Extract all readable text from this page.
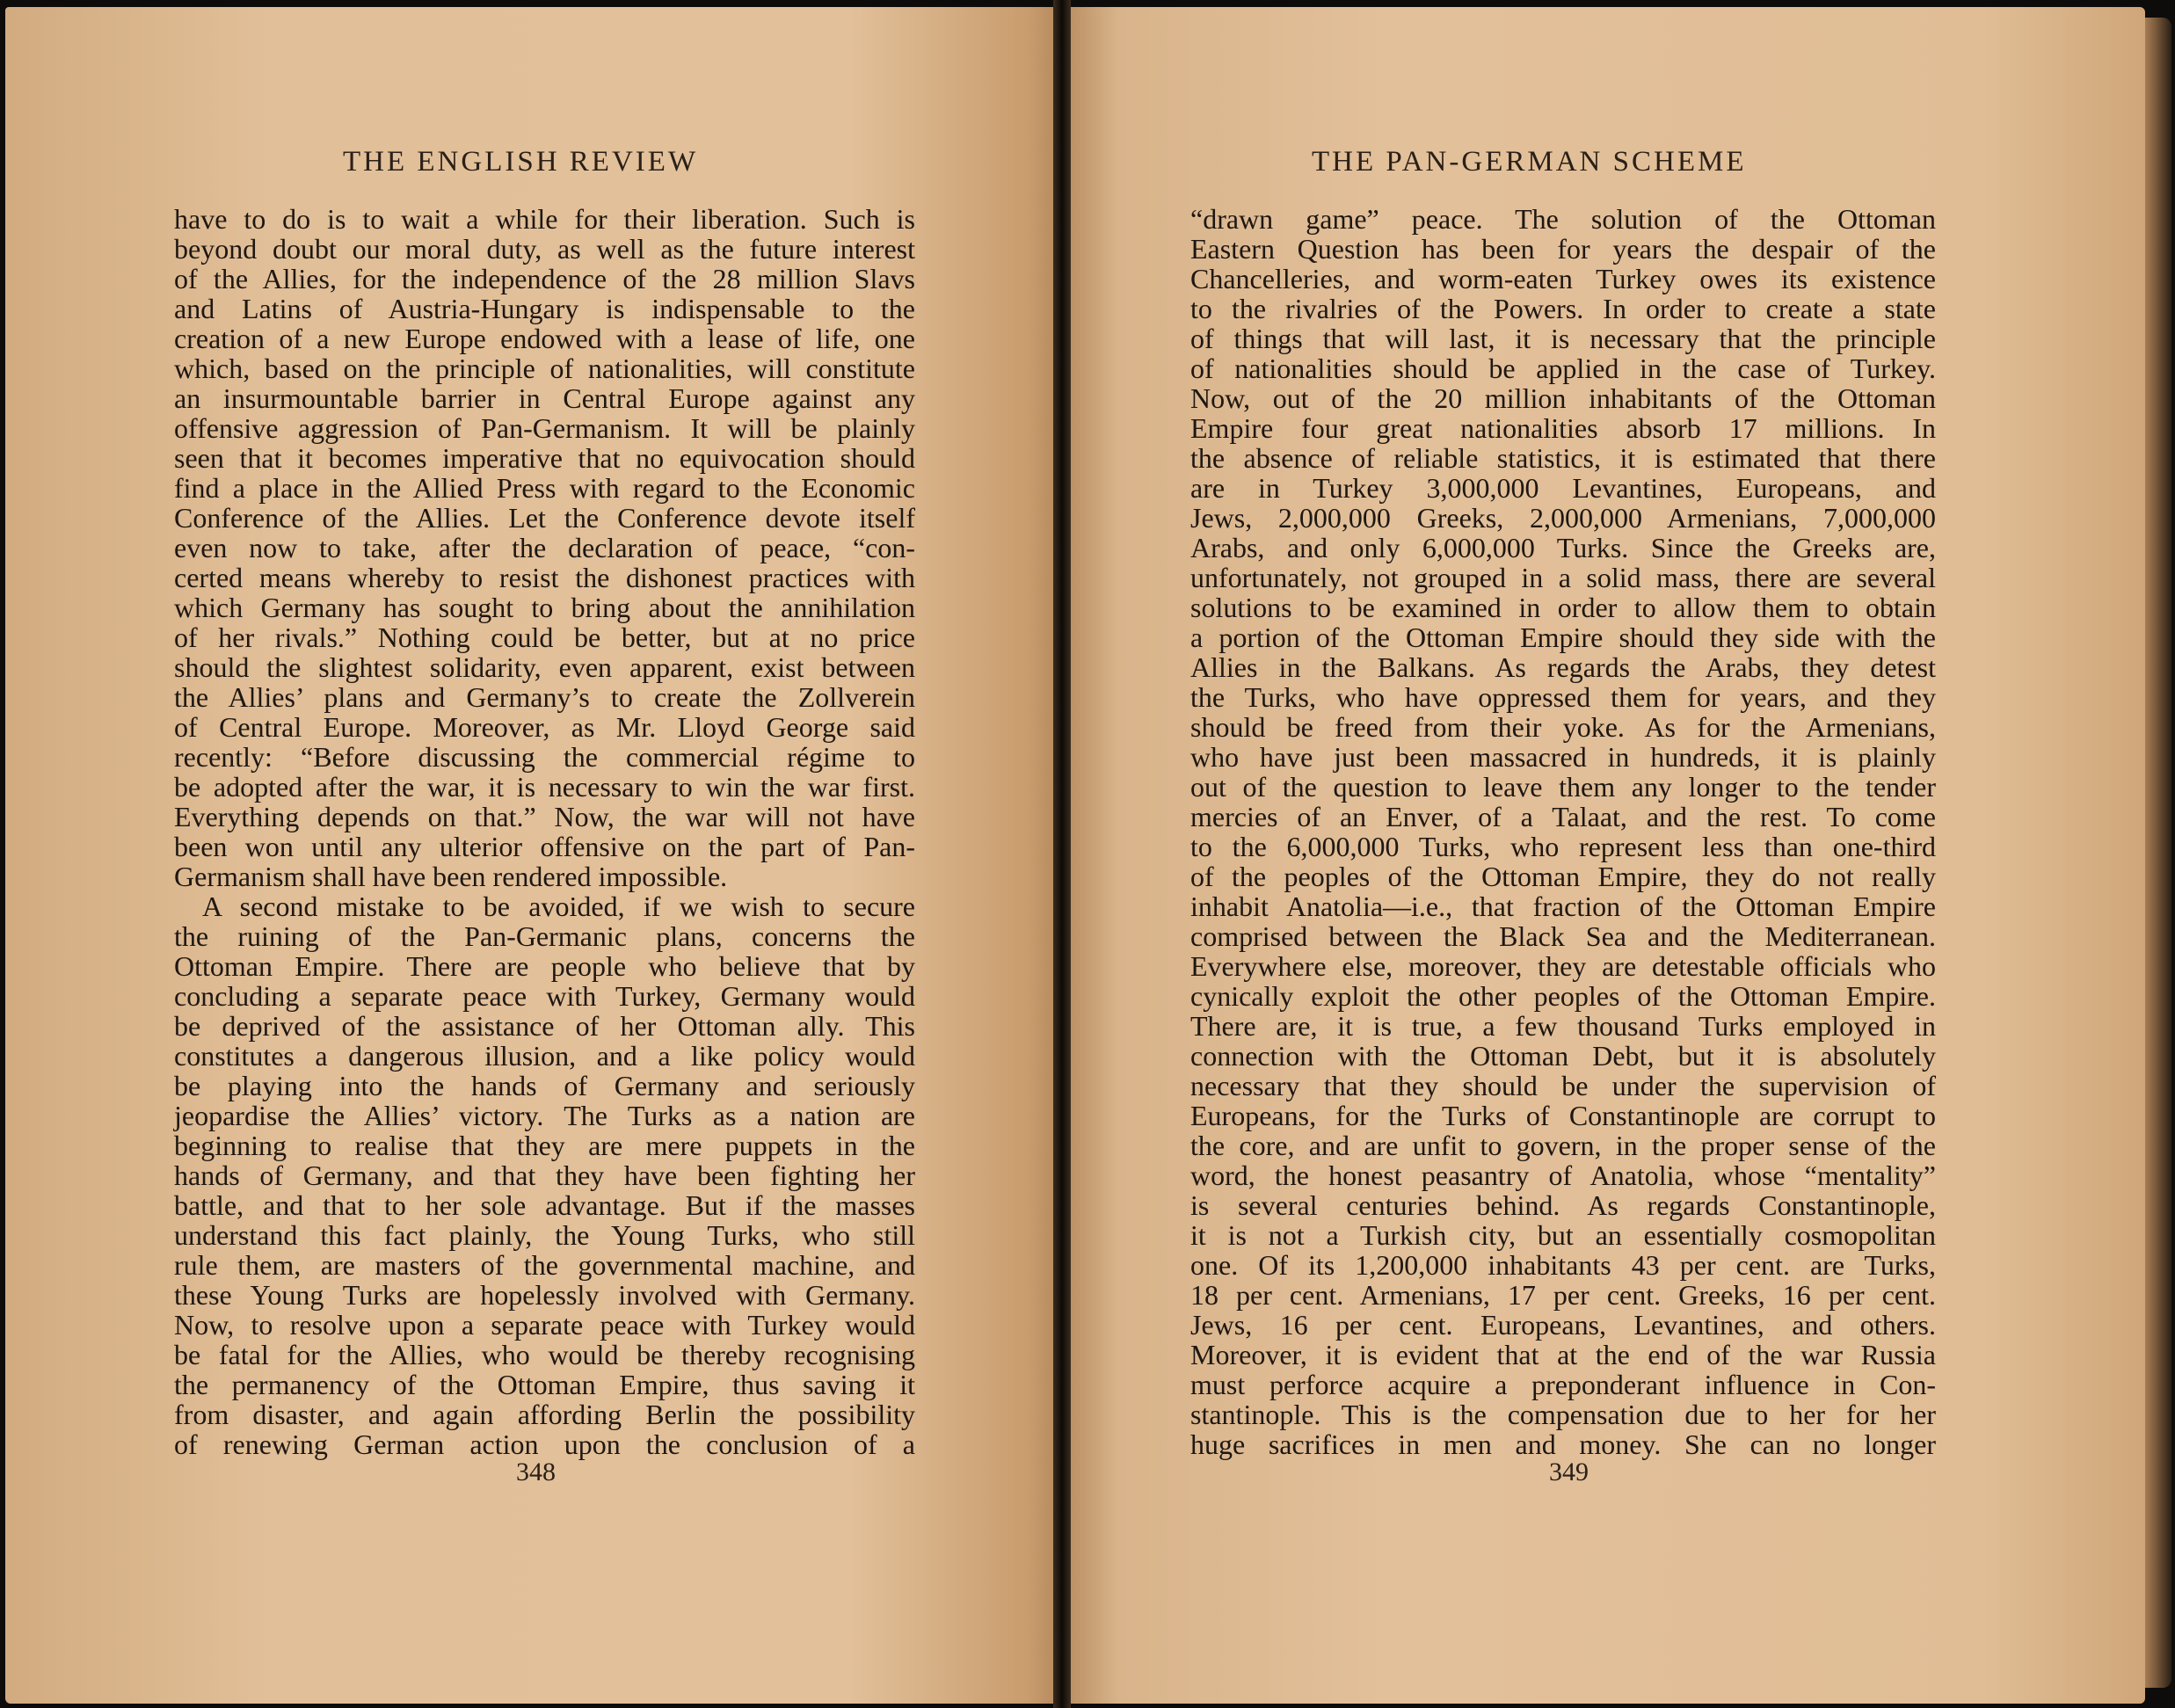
THE ENGLISH REVIEW
have to do is to wait a while for their liberation. Such is
beyond doubt our moral duty, as well as the future interest
of the Allies, for the independence of the 28 million Slavs
and Latins of Austria-Hungary is indispensable to the
creation of a new Europe endowed with a lease of life, one
which, based on the principle of nationalities, will constitute
an insurmountable barrier in Central Europe against any
offensive aggression of Pan-Germanism. It will be plainly
seen that it becomes imperative that no equivocation should
find a place in the Allied Press with regard to the Economic
Conference of the Allies. Let the Conference devote itself
even now to take, after the declaration of peace, “con-
certed means whereby to resist the dishonest practices with
which Germany has sought to bring about the annihilation
of her rivals.” Nothing could be better, but at no price
should the slightest solidarity, even apparent, exist between
the Allies’ plans and Germany’s to create the Zollverein
of Central Europe. Moreover, as Mr. Lloyd George said
recently: “Before discussing the commercial régime to
be adopted after the war, it is necessary to win the war first.
Everything depends on that.” Now, the war will not have
been won until any ulterior offensive on the part of Pan-
Germanism shall have been rendered impossible.
A second mistake to be avoided, if we wish to secure
the ruining of the Pan-Germanic plans, concerns the
Ottoman Empire. There are people who believe that by
concluding a separate peace with Turkey, Germany would
be deprived of the assistance of her Ottoman ally. This
constitutes a dangerous illusion, and a like policy would
be playing into the hands of Germany and seriously
jeopardise the Allies’ victory. The Turks as a nation are
beginning to realise that they are mere puppets in the
hands of Germany, and that they have been fighting her
battle, and that to her sole advantage. But if the masses
understand this fact plainly, the Young Turks, who still
rule them, are masters of the governmental machine, and
these Young Turks are hopelessly involved with Germany.
Now, to resolve upon a separate peace with Turkey would
be fatal for the Allies, who would be thereby recognising
the permanency of the Ottoman Empire, thus saving it
from disaster, and again affording Berlin the possibility
of renewing German action upon the conclusion of a

348

THE PAN-GERMAN SCHEME
“drawn game” peace. The solution of the Ottoman
Eastern Question has been for years the despair of the
Chancelleries, and worm-eaten Turkey owes its existence
to the rivalries of the Powers. In order to create a state
of things that will last, it is necessary that the principle
of nationalities should be applied in the case of Turkey.
Now, out of the 20 million inhabitants of the Ottoman
Empire four great nationalities absorb 17 millions. In
the absence of reliable statistics, it is estimated that there
are in Turkey 3,000,000 Levantines, Europeans, and
Jews, 2,000,000 Greeks, 2,000,000 Armenians, 7,000,000
Arabs, and only 6,000,000 Turks. Since the Greeks are,
unfortunately, not grouped in a solid mass, there are several
solutions to be examined in order to allow them to obtain
a portion of the Ottoman Empire should they side with the
Allies in the Balkans. As regards the Arabs, they detest
the Turks, who have oppressed them for years, and they
should be freed from their yoke. As for the Armenians,
who have just been massacred in hundreds, it is plainly
out of the question to leave them any longer to the tender
mercies of an Enver, of a Talaat, and the rest. To come
to the 6,000,000 Turks, who represent less than one-third
of the peoples of the Ottoman Empire, they do not really
inhabit Anatolia—i.e., that fraction of the Ottoman Empire
comprised between the Black Sea and the Mediterranean.
Everywhere else, moreover, they are detestable officials who
cynically exploit the other peoples of the Ottoman Empire.
There are, it is true, a few thousand Turks employed in
connection with the Ottoman Debt, but it is absolutely
necessary that they should be under the supervision of
Europeans, for the Turks of Constantinople are corrupt to
the core, and are unfit to govern, in the proper sense of the
word, the honest peasantry of Anatolia, whose “mentality”
is several centuries behind. As regards Constantinople,
it is not a Turkish city, but an essentially cosmopolitan
one. Of its 1,200,000 inhabitants 43 per cent. are Turks,
18 per cent. Armenians, 17 per cent. Greeks, 16 per cent.
Jews, 16 per cent. Europeans, Levantines, and others.
Moreover, it is evident that at the end of the war Russia
must perforce acquire a preponderant influence in Con-
stantinople. This is the compensation due to her for her
huge sacrifices in men and money. She can no longer

349
